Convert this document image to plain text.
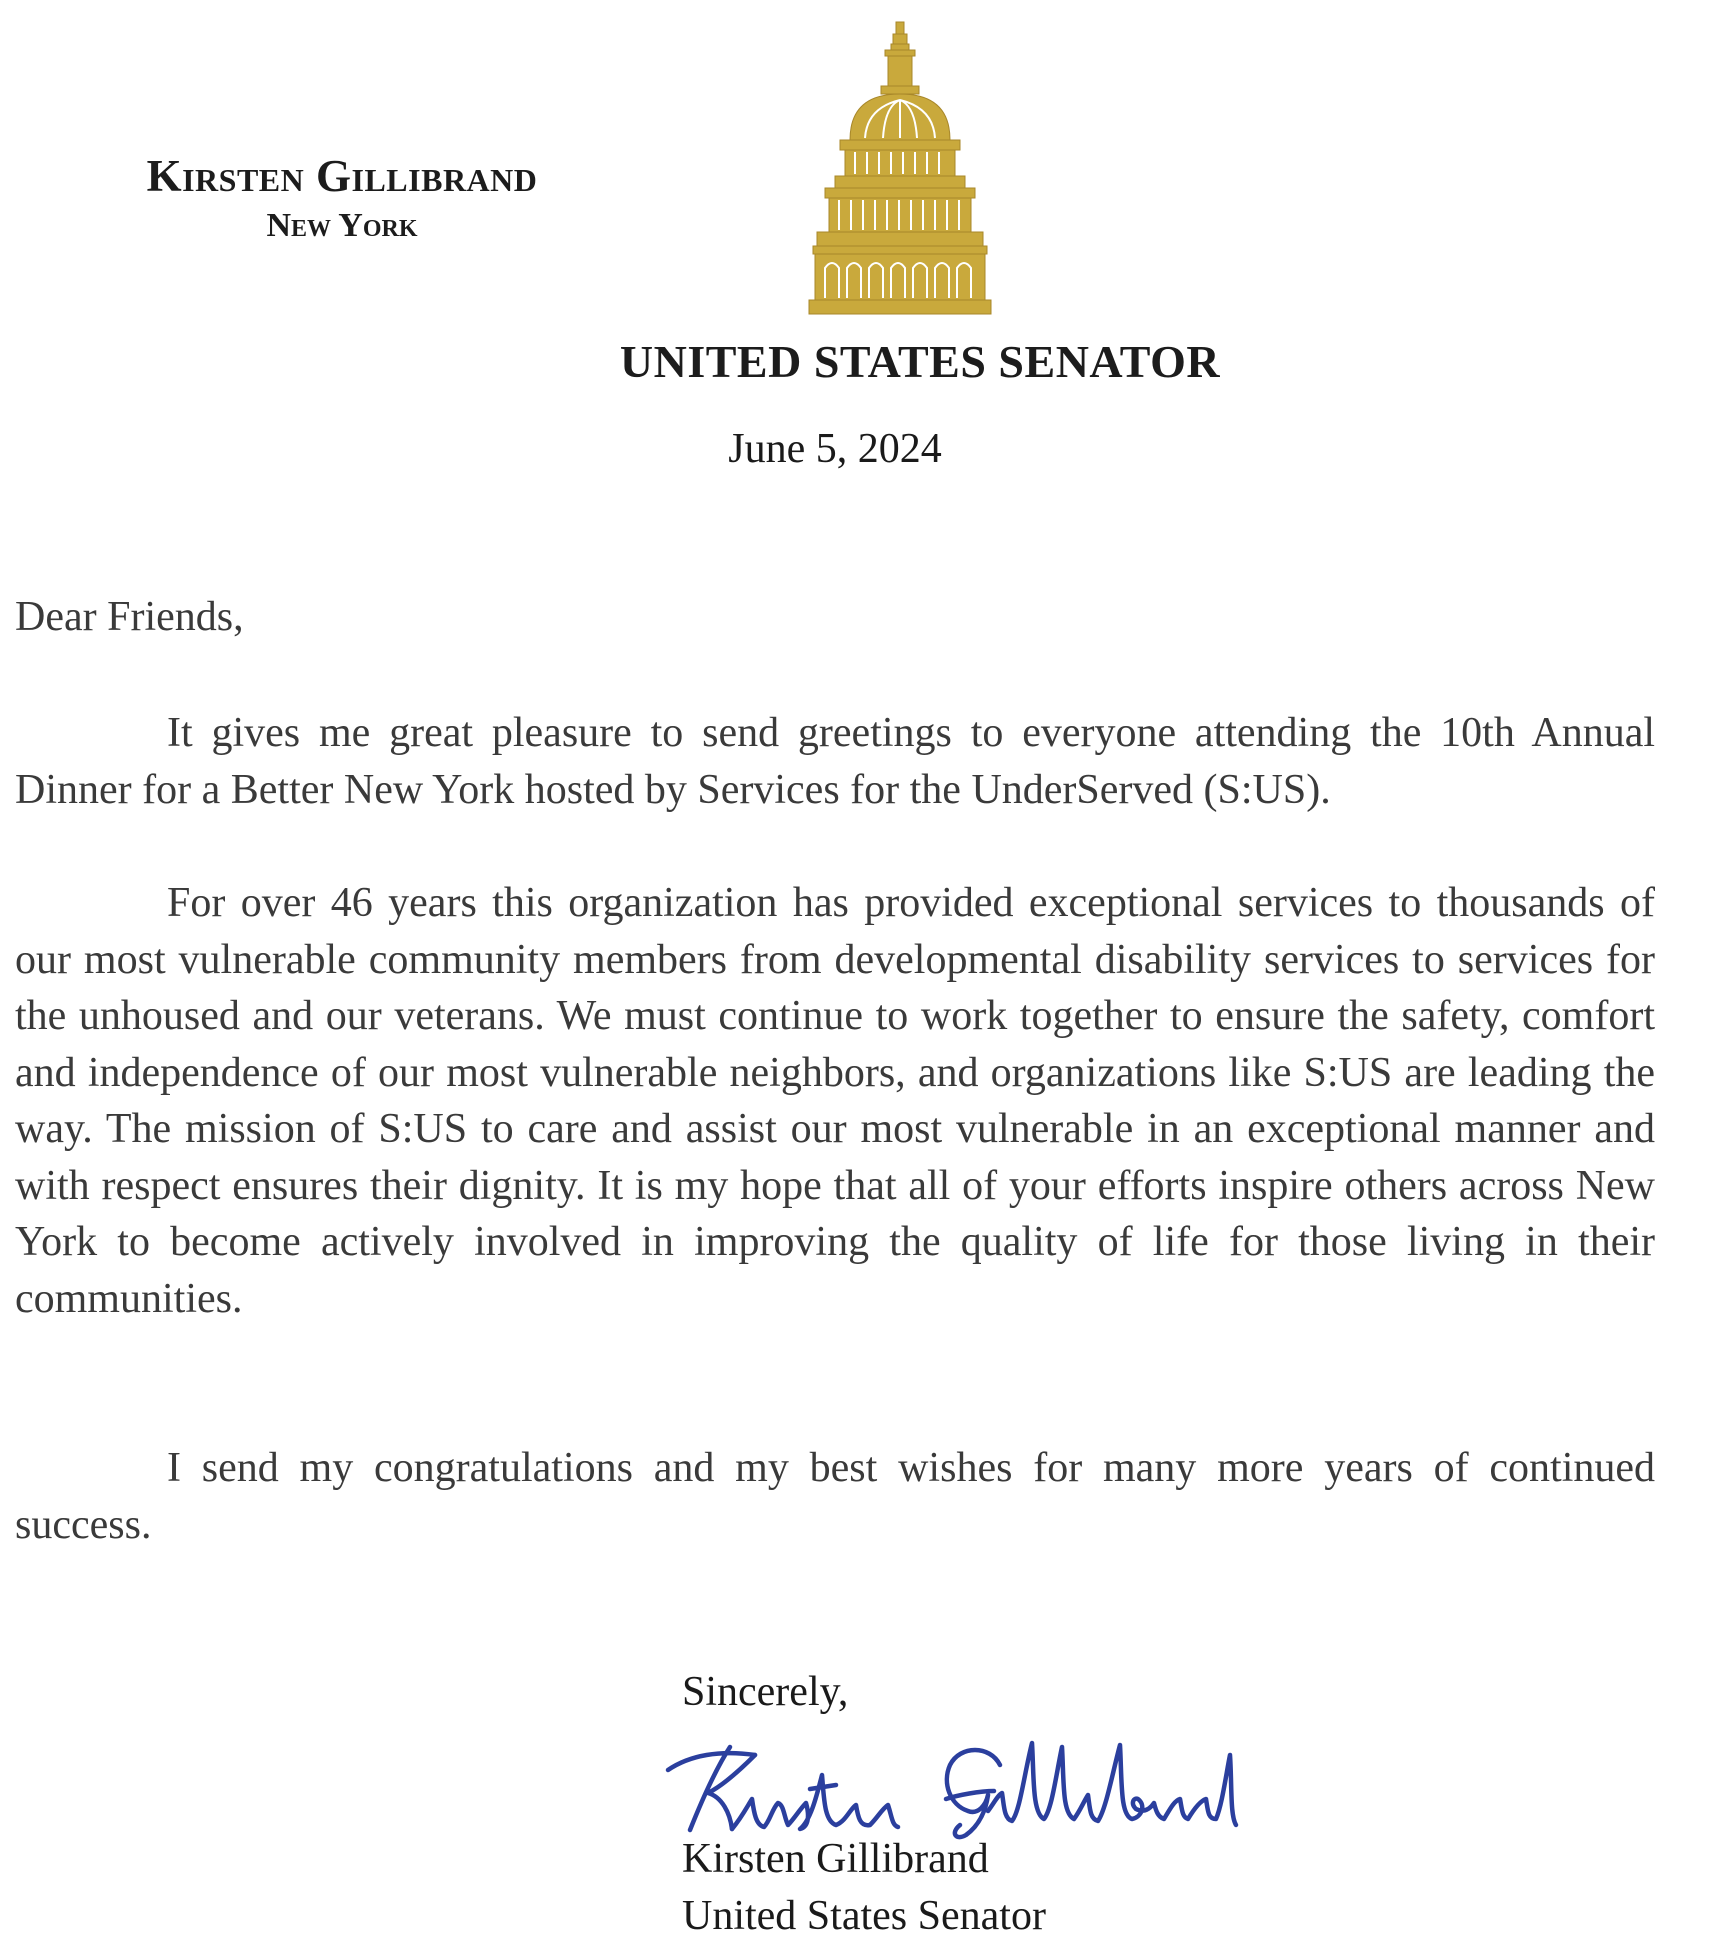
Kirsten Gillibrand
New York
UNITED STATES SENATOR
June 5, 2024
Dear Friends,

It gives me great pleasure to send greetings to everyone attending the 10th Annual Dinner for a Better New York hosted by Services for the UnderServed (S:US).

For over 46 years this organization has provided exceptional services to thousands of our most vulnerable community members from developmental disability services to services for the unhoused and our veterans. We must continue to work together to ensure the safety, comfort and independence of our most vulnerable neighbors, and organizations like S:US are leading the way. The mission of S:US to care and assist our most vulnerable in an exceptional manner and with respect ensures their dignity. It is my hope that all of your efforts inspire others across New York to become actively involved in improving the quality of life for those living in their communities.

I send my congratulations and my best wishes for many more years of continued success.

Sincerely,
Kirsten Gillibrand
United States Senator
